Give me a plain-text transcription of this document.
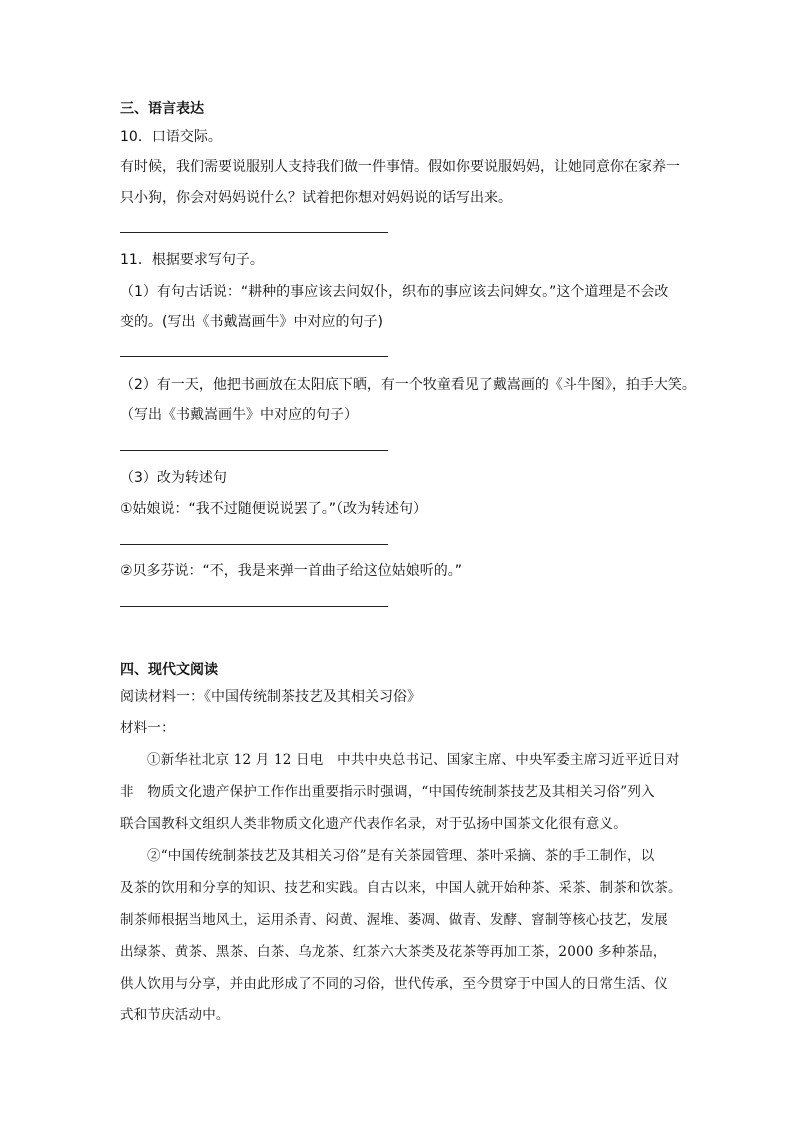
三、语言表达
10．口语交际。
有时候，我们需要说服别人支持我们做一件事情。假如你要说服妈妈，让她同意你在家养一
只小狗，你会对妈妈说什么？试着把你想对妈妈说的话写出来。
11．根据要求写句子。
（1）有句古话说：“耕种的事应该去问奴仆，织布的事应该去问婢女。”这个道理是不会改
变的。(写出《书戴嵩画牛》中对应的句子)
（2）有一天，他把书画放在太阳底下晒，有一个牧童看见了戴嵩画的《斗牛图》，拍手大笑。
（写出《书戴嵩画牛》中对应的句子）
（3）改为转述句
①姑娘说：“我不过随便说说罢了。”（改为转述句）
②贝多芬说：“不，我是来弹一首曲子给这位姑娘听的。”
四、现代文阅读
阅读材料一：《中国传统制茶技艺及其相关习俗》
材料一：
①新华社北京 12 月 12 日电　中共中央总书记、国家主席、中央军委主席习近平近日对
非　物质文化遗产保护工作作出重要指示时强调，“中国传统制茶技艺及其相关习俗”列入
联合国教科文组织人类非物质文化遗产代表作名录，对于弘扬中国茶文化很有意义。
②“中国传统制茶技艺及其相关习俗”是有关茶园管理、茶叶采摘、茶的手工制作，以
及茶的饮用和分享的知识、技艺和实践。自古以来，中国人就开始种茶、采茶、制茶和饮茶。
制茶师根据当地风土，运用杀青、闷黄、渥堆、萎凋、做青、发酵、窨制等核心技艺，发展
出绿茶、黄茶、黑茶、白茶、乌龙茶、红茶六大茶类及花茶等再加工茶，2000 多种茶品，
供人饮用与分享，并由此形成了不同的习俗，世代传承，至今贯穿于中国人的日常生活、仪
式和节庆活动中。
